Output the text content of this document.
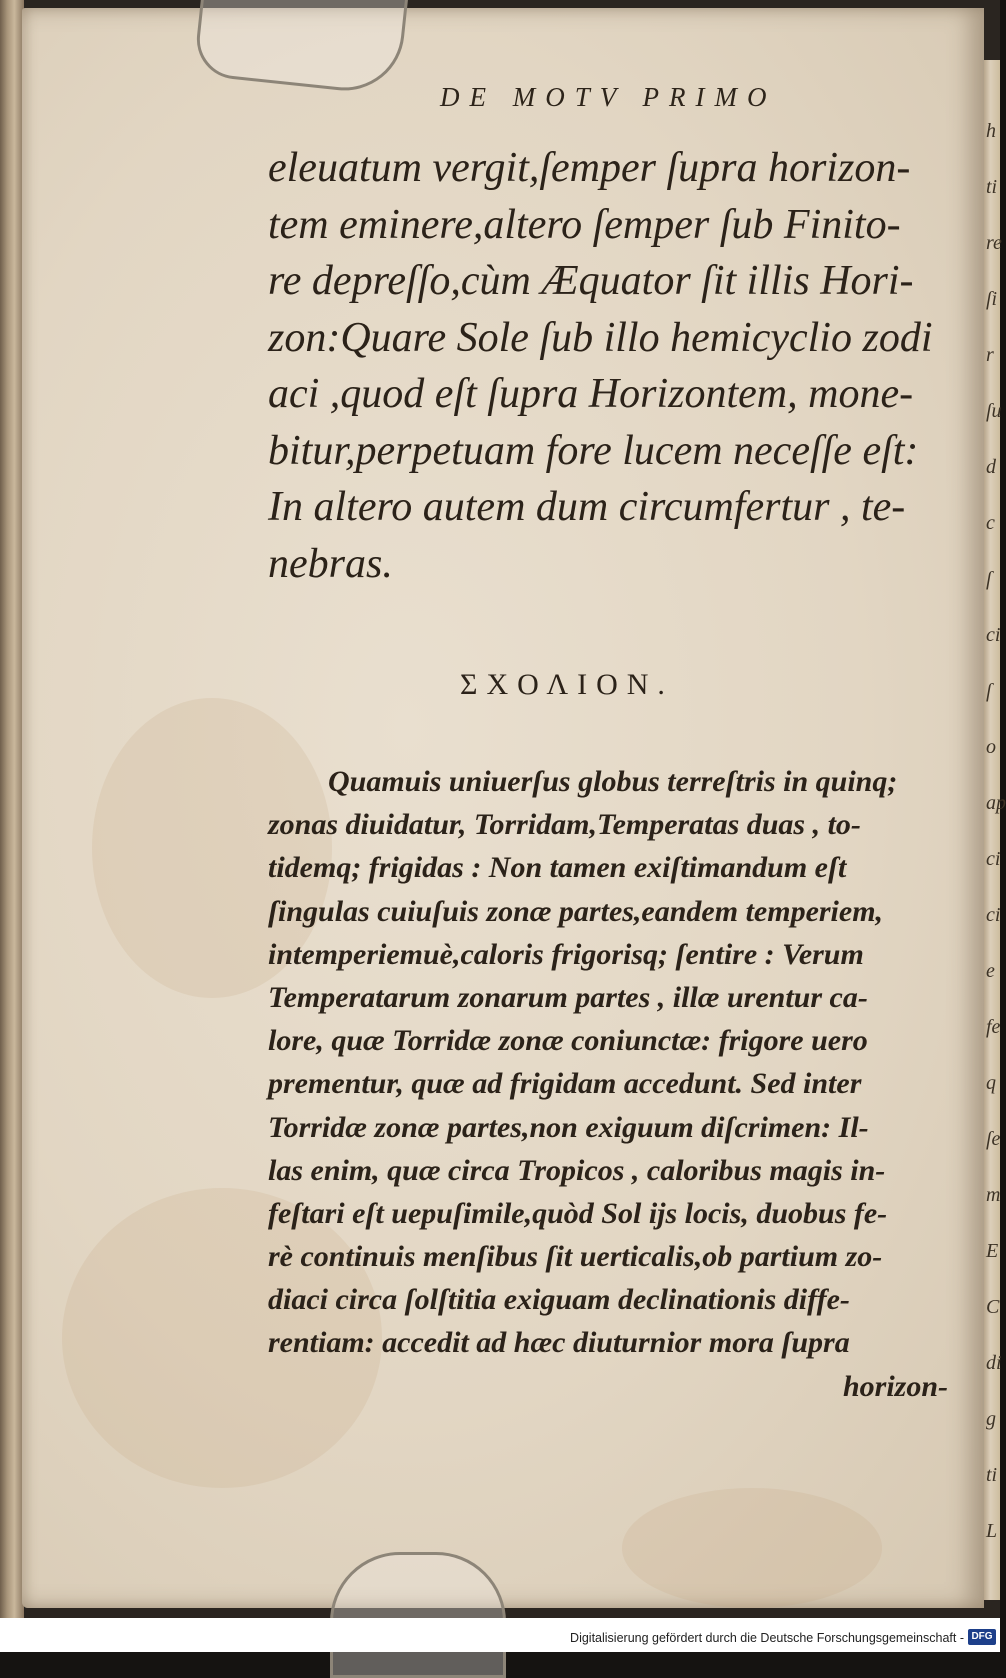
h
ti
re
ſi
r
ſu
d
c
ſ
ci
ſ
o
ap
ci
ci
e
fe
q
ſe
m
E
C
di
g
ti
L
DE MOTV PRIMO
eleuatum vergit,ſemper ſupra horizon-
tem eminere,altero ſemper ſub Finito-
re depreſſo,cùm Æquator ſit illis Hori-
zon:Quare Sole ſub illo hemicyclio zodi
aci ,quod eſt ſupra Horizontem, mone-
bitur,perpetuam fore lucem neceſſe eſt:
In altero autem dum circumfertur , te-
nebras.
ΣΧΟΛΙΟΝ.
Quamuis uniuerſus globus terreſtris in quinq;
zonas diuidatur, Torridam,Temperatas duas , to-
tidemq; frigidas : Non tamen exiſtimandum eſt
ſingulas cuiuſuis zonæ partes,eandem temperiem,
intemperiemuè,caloris frigorisq; ſentire : Verum
Temperatarum zonarum partes , illæ urentur ca-
lore, quæ Torridæ zonæ coniunctæ: frigore uero
prementur, quæ ad frigidam accedunt. Sed inter
Torridæ zonæ partes,non exiguum diſcrimen: Il-
las enim, quæ circa Tropicos , caloribus magis in-
feſtari eſt uериſimile,quòd Sol ijs locis, duobus fe-
rè continuis menſibus ſit uerticalis,ob partium zo-
diaci circa ſolſtitia exiguam declinationis diffe-
rentiam: accedit ad hæc diuturnior mora ſupra
horizon-
Digitalisierung gefördert durch die Deutsche Forschungsgemeinschaft - DFG
